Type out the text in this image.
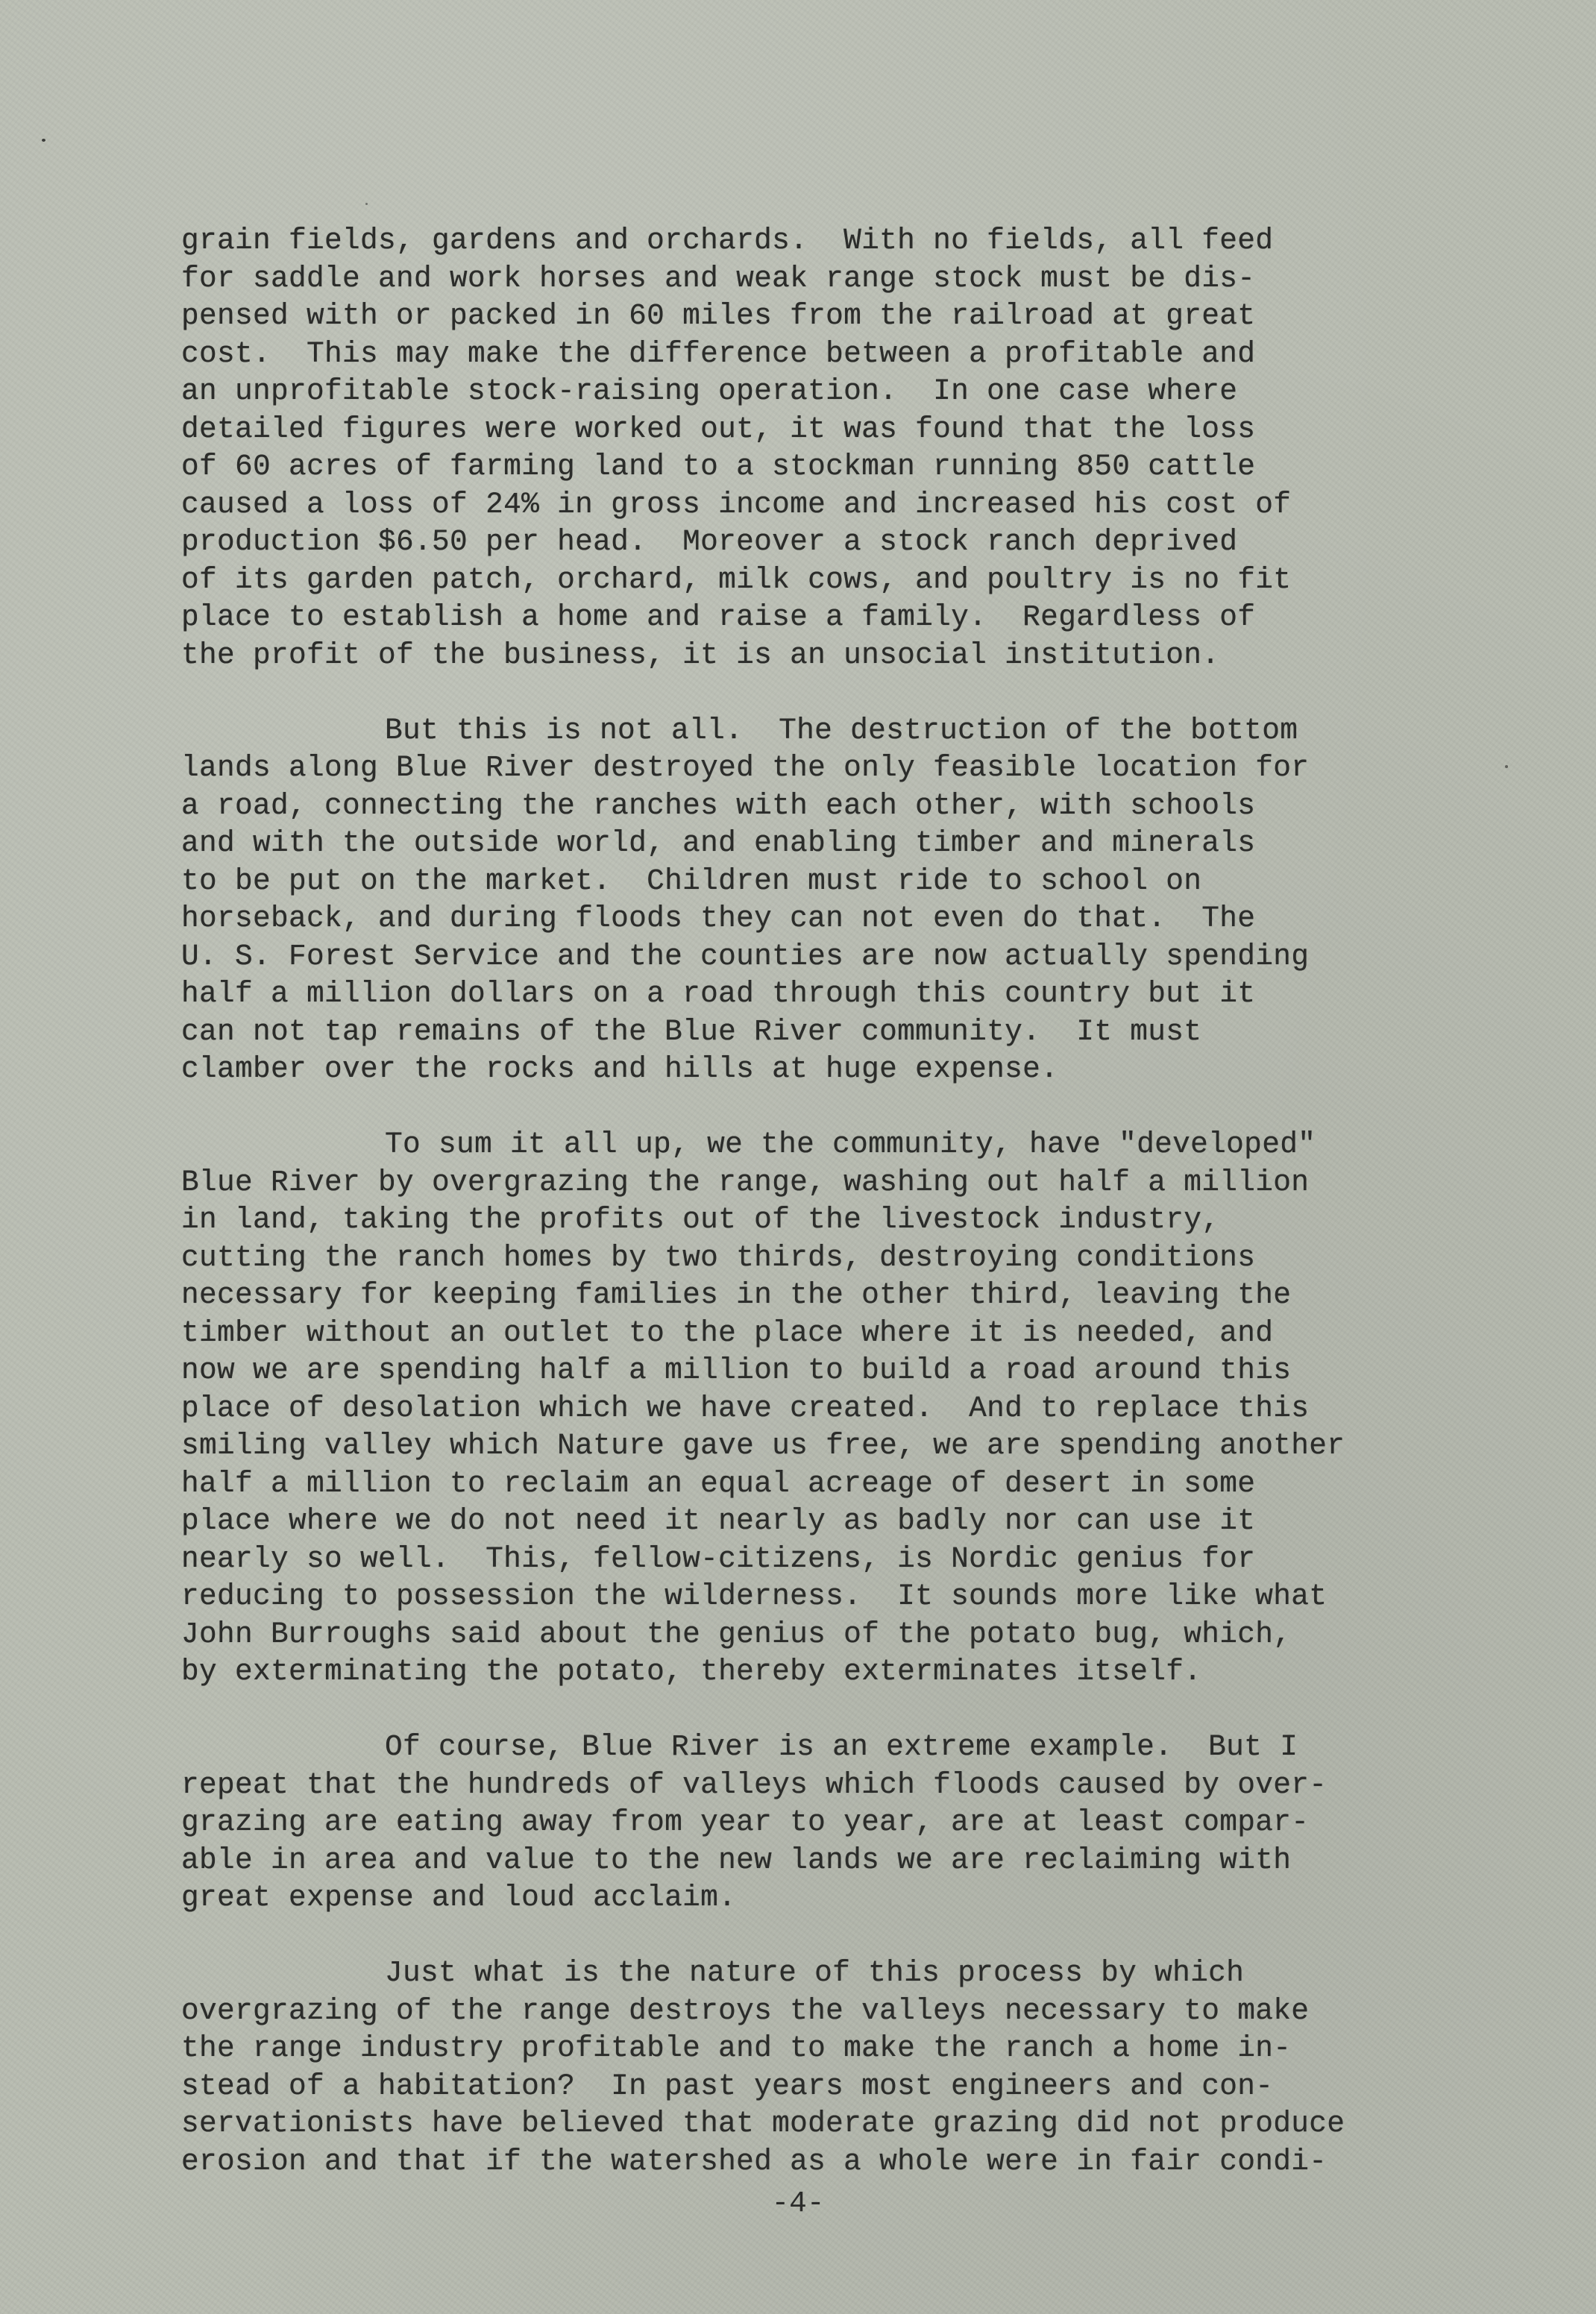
grain fields, gardens and orchards.  With no fields, all feed
for saddle and work horses and weak range stock must be dis-
pensed with or packed in 60 miles from the railroad at great
cost.  This may make the difference between a profitable and
an unprofitable stock-raising operation.  In one case where
detailed figures were worked out, it was found that the loss
of 60 acres of farming land to a stockman running 850 cattle
caused a loss of 24% in gross income and increased his cost of
production $6.50 per head.  Moreover a stock ranch deprived
of its garden patch, orchard, milk cows, and poultry is no fit
place to establish a home and raise a family.  Regardless of
the profit of the business, it is an unsocial institution.
But this is not all.  The destruction of the bottom
lands along Blue River destroyed the only feasible location for
a road, connecting the ranches with each other, with schools
and with the outside world, and enabling timber and minerals
to be put on the market.  Children must ride to school on
horseback, and during floods they can not even do that.  The
U. S. Forest Service and the counties are now actually spending
half a million dollars on a road through this country but it
can not tap remains of the Blue River community.  It must
clamber over the rocks and hills at huge expense.
To sum it all up, we the community, have "developed"
Blue River by overgrazing the range, washing out half a million
in land, taking the profits out of the livestock industry,
cutting the ranch homes by two thirds, destroying conditions
necessary for keeping families in the other third, leaving the
timber without an outlet to the place where it is needed, and
now we are spending half a million to build a road around this
place of desolation which we have created.  And to replace this
smiling valley which Nature gave us free, we are spending another
half a million to reclaim an equal acreage of desert in some
place where we do not need it nearly as badly nor can use it
nearly so well.  This, fellow-citizens, is Nordic genius for
reducing to possession the wilderness.  It sounds more like what
John Burroughs said about the genius of the potato bug, which,
by exterminating the potato, thereby exterminates itself.
Of course, Blue River is an extreme example.  But I
repeat that the hundreds of valleys which floods caused by over-
grazing are eating away from year to year, are at least compar-
able in area and value to the new lands we are reclaiming with
great expense and loud acclaim.
Just what is the nature of this process by which
overgrazing of the range destroys the valleys necessary to make
the range industry profitable and to make the ranch a home in-
stead of a habitation?  In past years most engineers and con-
servationists have believed that moderate grazing did not produce
erosion and that if the watershed as a whole were in fair condi-
-4-
